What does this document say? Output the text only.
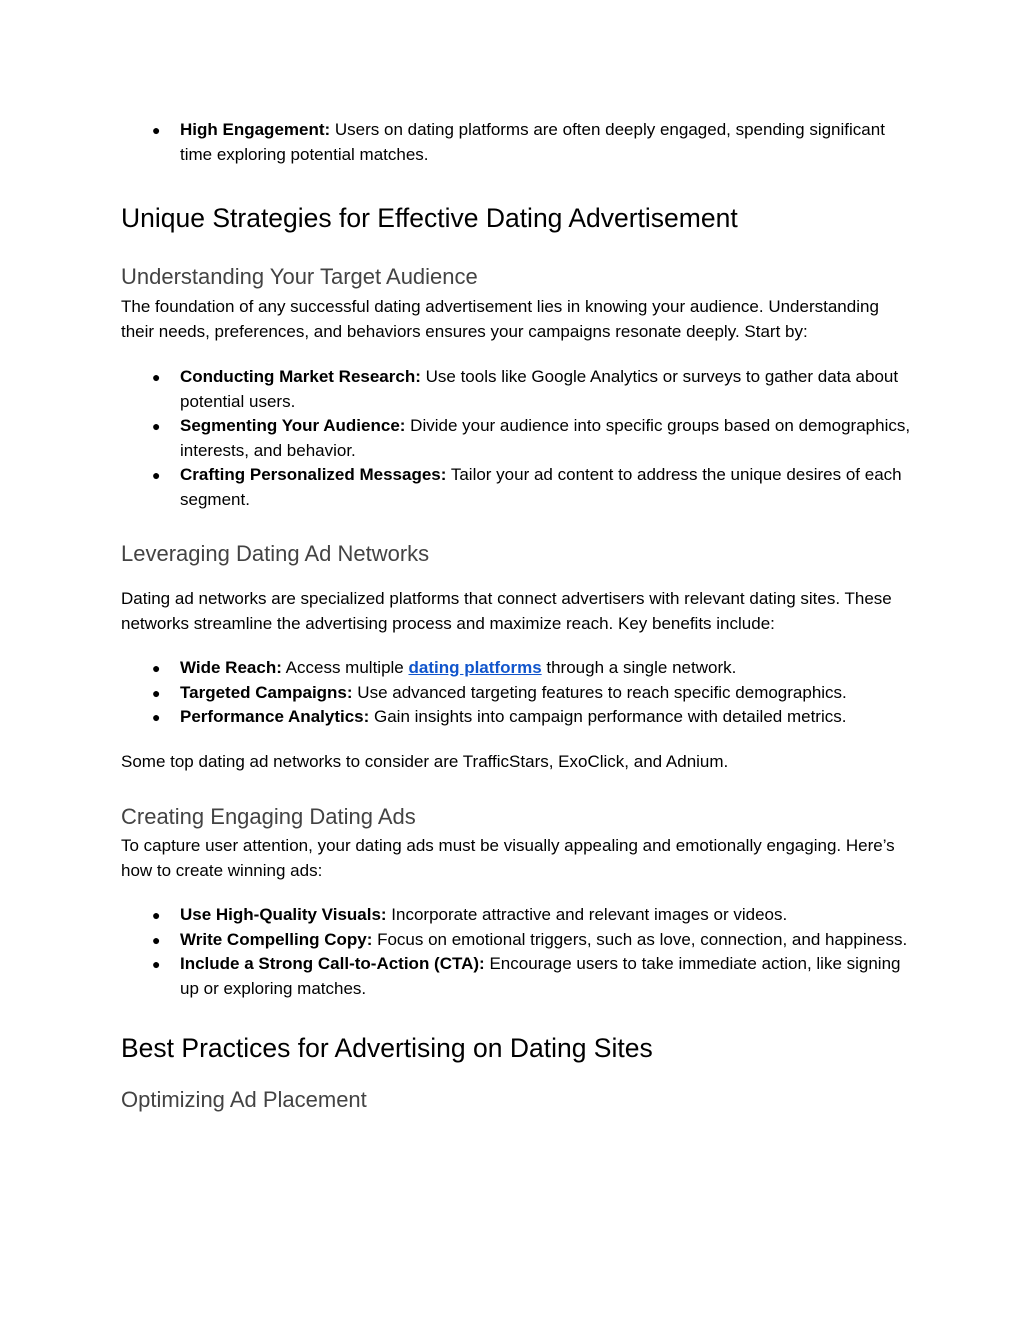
● High Engagement: Users on dating platforms are often deeply engaged, spending significant time exploring potential matches.
Unique Strategies for Effective Dating Advertisement
Understanding Your Target Audience

The foundation of any successful dating advertisement lies in knowing your audience. Understanding their needs, preferences, and behaviors ensures your campaigns resonate deeply. Start by:

● Conducting Market Research: Use tools like Google Analytics or surveys to gather data about potential users.
● Segmenting Your Audience: Divide your audience into specific groups based on demographics, interests, and behavior.
● Crafting Personalized Messages: Tailor your ad content to address the unique desires of each segment.
Leveraging Dating Ad Networks

Dating ad networks are specialized platforms that connect advertisers with relevant dating sites. These networks streamline the advertising process and maximize reach. Key benefits include:

● Wide Reach: Access multiple dating platforms through a single network.
● Targeted Campaigns: Use advanced targeting features to reach specific demographics.
● Performance Analytics: Gain insights into campaign performance with detailed metrics.

Some top dating ad networks to consider are TrafficStars, ExoClick, and Adnium.

Creating Engaging Dating Ads

To capture user attention, your dating ads must be visually appealing and emotionally engaging. Here’s how to create winning ads:

● Use High-Quality Visuals: Incorporate attractive and relevant images or videos.
● Write Compelling Copy: Focus on emotional triggers, such as love, connection, and happiness.
● Include a Strong Call-to-Action (CTA): Encourage users to take immediate action, like signing up or exploring matches.
Best Practices for Advertising on Dating Sites
Optimizing Ad Placement
